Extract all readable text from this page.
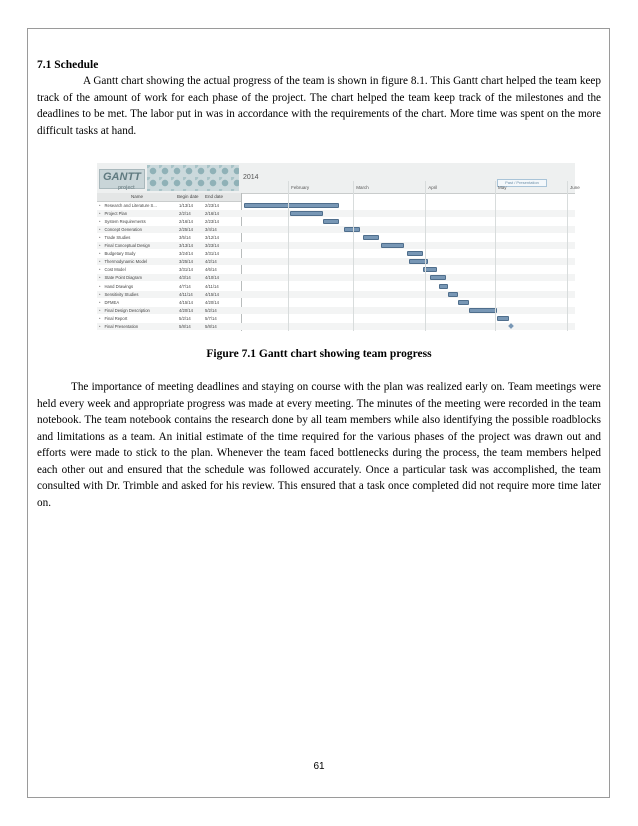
7.1 Schedule

A Gantt chart showing the actual progress of the team is shown in figure 8.1. This Gantt chart helped the team keep track of the amount of work for each phase of the project. The chart helped the team keep track of the milestones and the deadlines to be met. The labor put in was in accordance with the requirements of the chart. More time was spent on the more difficult tasks at hand.

GANTT
project
2014
Past / Presentation
Name	Begin date End date
• Research and Literature S...	1/13/14	2/23/14
• Project Plan	2/2/14	2/16/14
• System Requirements	2/16/14	2/23/14
• Concept Generation	2/25/14	3/4/14
• Trade Studies	3/5/14	3/12/14
• Final Conceptual Design	3/13/14	3/23/14
• Budgetary Study	3/24/14	3/31/14
• Thermodynamic Model	3/25/14	4/2/14
• Cost Model	3/31/14	4/6/14
• State Point Diagram	4/3/14	4/10/14
• Hand Drawings	4/7/14	4/11/14
• Sensitivity Studies	4/11/14	4/15/14
• DFMEA	4/15/14	4/20/14
• Final Design Description	4/20/14	5/2/14
• Final Report	5/2/14	5/7/14
• Final Presentation	5/8/14	5/8/14
February	March	April	May	June
Figure 7.1 Gantt chart showing team progress

The importance of meeting deadlines and staying on course with the plan was realized early on. Team meetings were held every week and appropriate progress was made at every meeting. The minutes of the meeting were recorded in the team notebook. The team notebook contains the research done by all team members while also identifying the possible roadblocks and limitations as a team. An initial estimate of the time required for the various phases of the project was drawn out and efforts were made to stick to the plan. Whenever the team faced bottlenecks during the process, the team members helped each other out and ensured that the schedule was followed accurately. Once a particular task was accomplished, the team consulted with Dr. Trimble and asked for his review. This ensured that a task once completed did not require more time later on.

61
